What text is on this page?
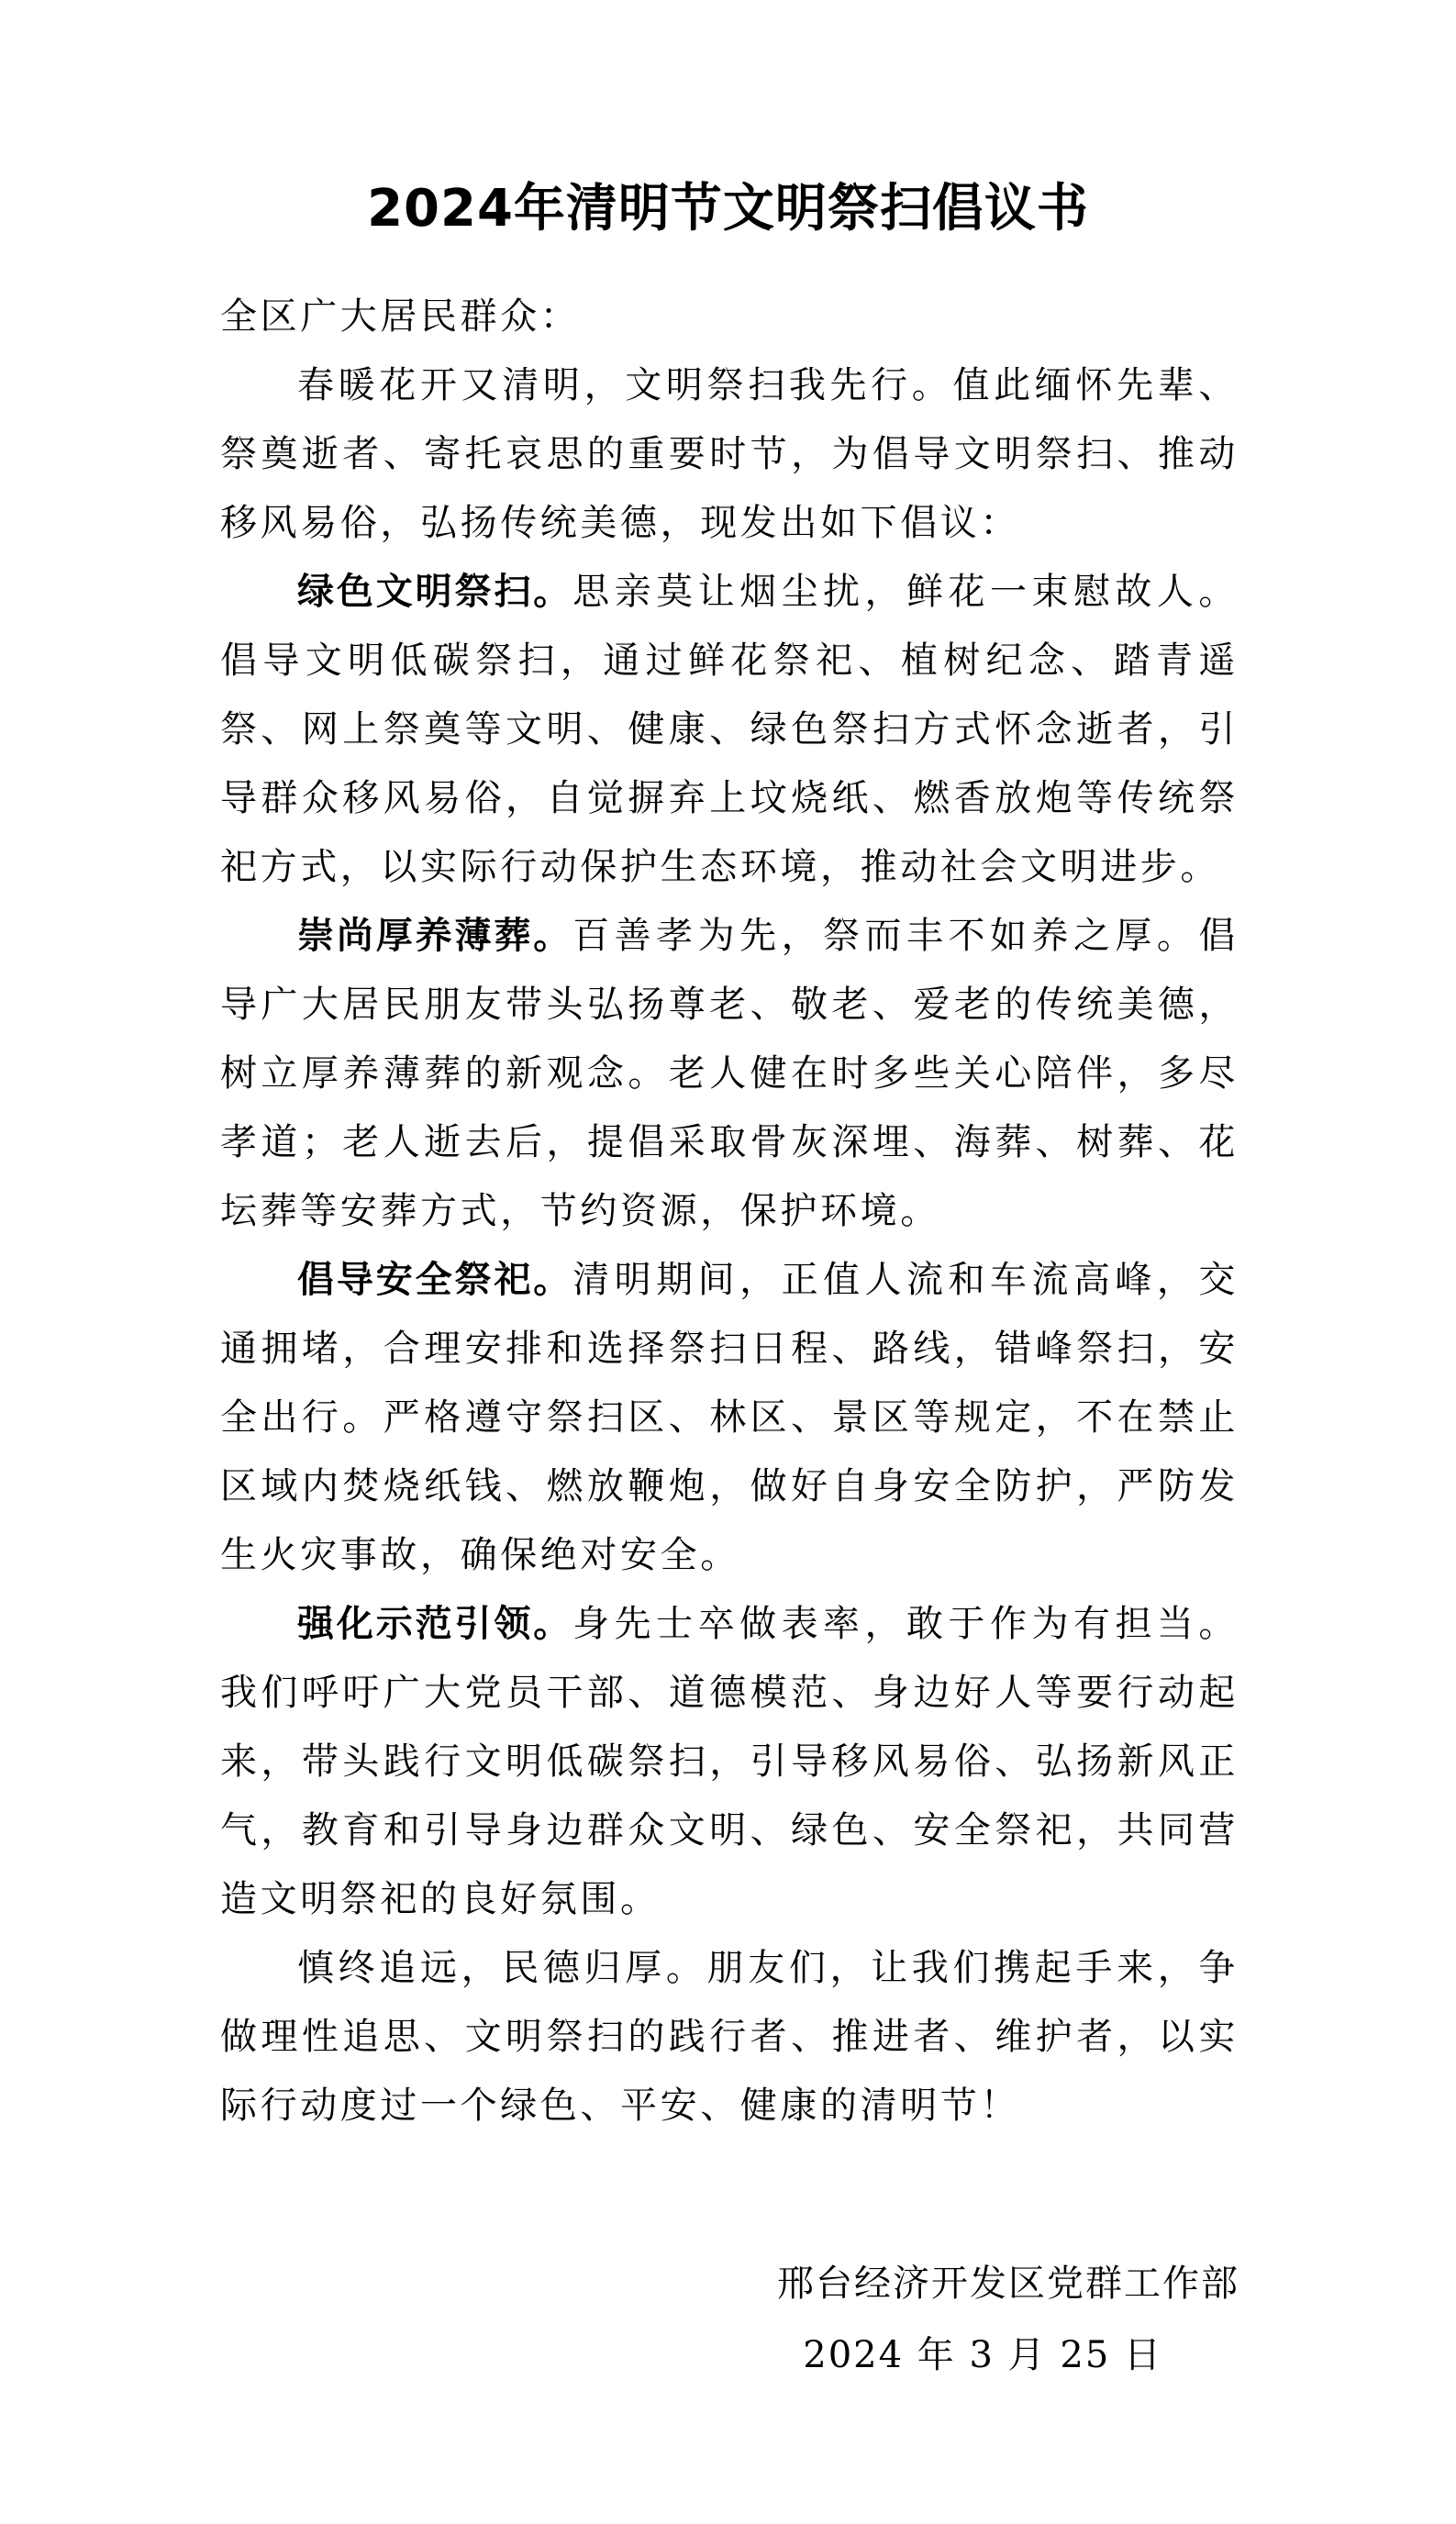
2024年清明节文明祭扫倡议书

全区广大居民群众：

春暖花开又清明，文明祭扫我先行。值此缅怀先辈、祭奠逝者、寄托哀思的重要时节，为倡导文明祭扫、推动移风易俗，弘扬传统美德，现发出如下倡议：

绿色文明祭扫。思亲莫让烟尘扰，鲜花一束慰故人。倡导文明低碳祭扫，通过鲜花祭祀、植树纪念、踏青遥祭、网上祭奠等文明、健康、绿色祭扫方式怀念逝者，引导群众移风易俗，自觉摒弃上坟烧纸、燃香放炮等传统祭祀方式，以实际行动保护生态环境，推动社会文明进步。

崇尚厚养薄葬。百善孝为先，祭而丰不如养之厚。倡导广大居民朋友带头弘扬尊老、敬老、爱老的传统美德，树立厚养薄葬的新观念。老人健在时多些关心陪伴，多尽孝道；老人逝去后，提倡采取骨灰深埋、海葬、树葬、花坛葬等安葬方式，节约资源，保护环境。

倡导安全祭祀。清明期间，正值人流和车流高峰，交通拥堵，合理安排和选择祭扫日程、路线，错峰祭扫，安全出行。严格遵守祭扫区、林区、景区等规定，不在禁止区域内焚烧纸钱、燃放鞭炮，做好自身安全防护，严防发生火灾事故，确保绝对安全。

强化示范引领。身先士卒做表率，敢于作为有担当。我们呼吁广大党员干部、道德模范、身边好人等要行动起来，带头践行文明低碳祭扫，引导移风易俗、弘扬新风正气，教育和引导身边群众文明、绿色、安全祭祀，共同营造文明祭祀的良好氛围。

慎终追远，民德归厚。朋友们，让我们携起手来，争做理性追思、文明祭扫的践行者、推进者、维护者，以实际行动度过一个绿色、平安、健康的清明节！

邢台经济开发区党群工作部
2024 年 3 月 25 日
